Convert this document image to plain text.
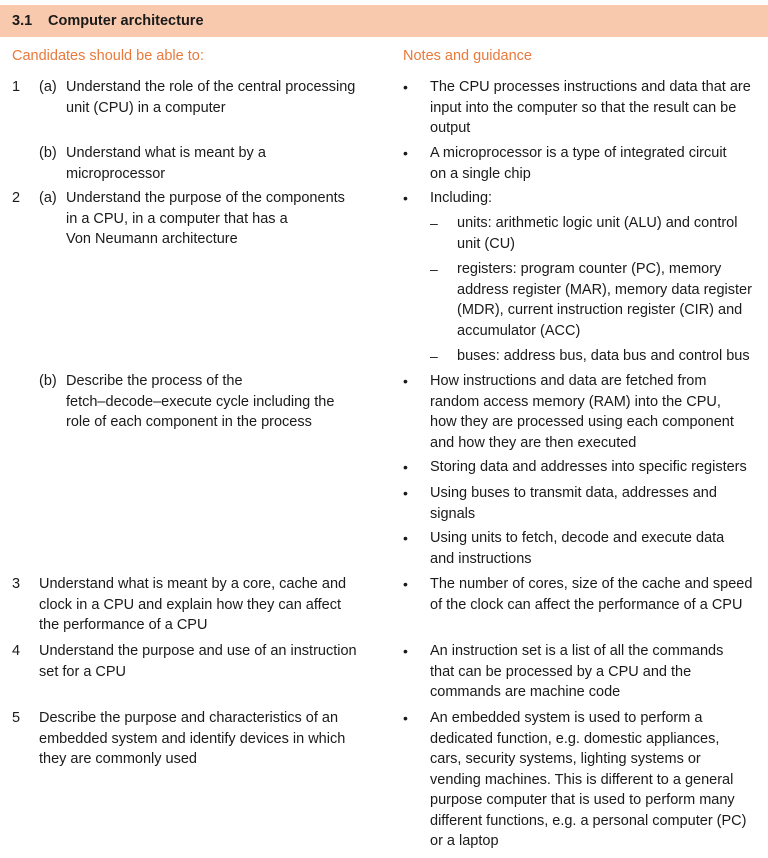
3.1 Computer architecture
Candidates should be able to:	Notes and guidance
1 (a) Understand the role of the central processing
unit (CPU) in a computer
(b) Understand what is meant by a
microprocessor
2 (a) Understand the purpose of the components
in a CPU, in a computer that has a
Von Neumann architecture
(b) Describe the process of the
fetch–decode–execute cycle including the
role of each component in the process
3 Understand what is meant by a core, cache and
clock in a CPU and explain how they can affect
the performance of a CPU
4 Understand the purpose and use of an instruction
set for a CPU
5 Describe the purpose and characteristics of an
embedded system and identify devices in which
they are commonly used
• The CPU processes instructions and data that are
input into the computer so that the result can be
output
• A microprocessor is a type of integrated circuit
on a single chip
• Including:
– units: arithmetic logic unit (ALU) and control
unit (CU)
– registers: program counter (PC), memory
address register (MAR), memory data register
(MDR), current instruction register (CIR) and
accumulator (ACC)
– buses: address bus, data bus and control bus
• How instructions and data are fetched from
random access memory (RAM) into the CPU,
how they are processed using each component
and how they are then executed
• Storing data and addresses into specific registers
• Using buses to transmit data, addresses and
signals
• Using units to fetch, decode and execute data
and instructions
• The number of cores, size of the cache and speed
of the clock can affect the performance of a CPU
• An instruction set is a list of all the commands
that can be processed by a CPU and the
commands are machine code
• An embedded system is used to perform a
dedicated function, e.g. domestic appliances,
cars, security systems, lighting systems or
vending machines. This is different to a general
purpose computer that is used to perform many
different functions, e.g. a personal computer (PC)
or a laptop
